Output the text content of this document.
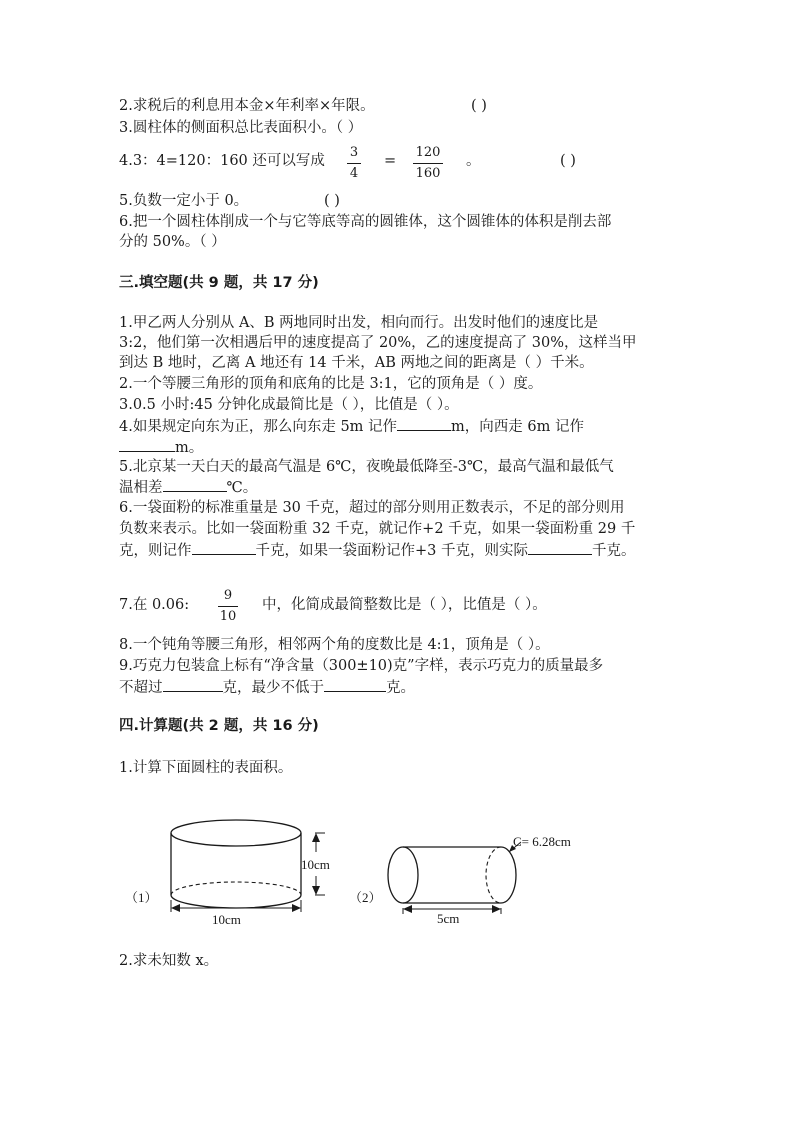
2.求税后的利息用本金×年利率×年限。	( )
3.圆柱体的侧面积总比表面积小。（ ）
4.3：4=120：160 还可以写成
3
4
=
120
160
。	( )
5.负数一定小于 0。	( )
6.把一个圆柱体削成一个与它等底等高的圆锥体，这个圆锥体的体积是削去部
分的 50%。（ ）
三.填空题(共 9 题，共 17 分)
1.甲乙两人分别从 A、B 两地同时出发，相向而行。出发时他们的速度比是
3:2，他们第一次相遇后甲的速度提高了 20%，乙的速度提高了 30%，这样当甲
到达 B 地时，乙离 A 地还有 14 千米，AB 两地之间的距离是（ ）千米。
2.一个等腰三角形的顶角和底角的比是 3:1，它的顶角是（ ）度。
3.0.5 小时:45 分钟化成最简比是（ ），比值是（ ）。
4.如果规定向东为正，那么向东走 5m 记作	m，向西走 6m 记作
m。
5.北京某一天白天的最高气温是 6℃，夜晚最低降至-3℃，最高气温和最低气
温相差	℃。
6.一袋面粉的标准重量是 30 千克，超过的部分则用正数表示，不足的部分则用
负数来表示。比如一袋面粉重 32 千克，就记作+2 千克，如果一袋面粉重 29 千
克，则记作	千克，如果一袋面粉记作+3 千克，则实际	千克。
7.在 0.06:
9
10
中，化简成最简整数比是（ ），比值是（ ）。
8.一个钝角等腰三角形，相邻两个角的度数比是 4:1，顶角是（ ）。
9.巧克力包装盒上标有“净含量（300±10)克”字样，表示巧克力的质量最多
不超过	克，最少不低于	克。
四.计算题(共 2 题，共 16 分)
1.计算下面圆柱的表面积。
（1）
10cm
10cm
（2）
C= 6.28cm
5cm
2.求未知数 x。
